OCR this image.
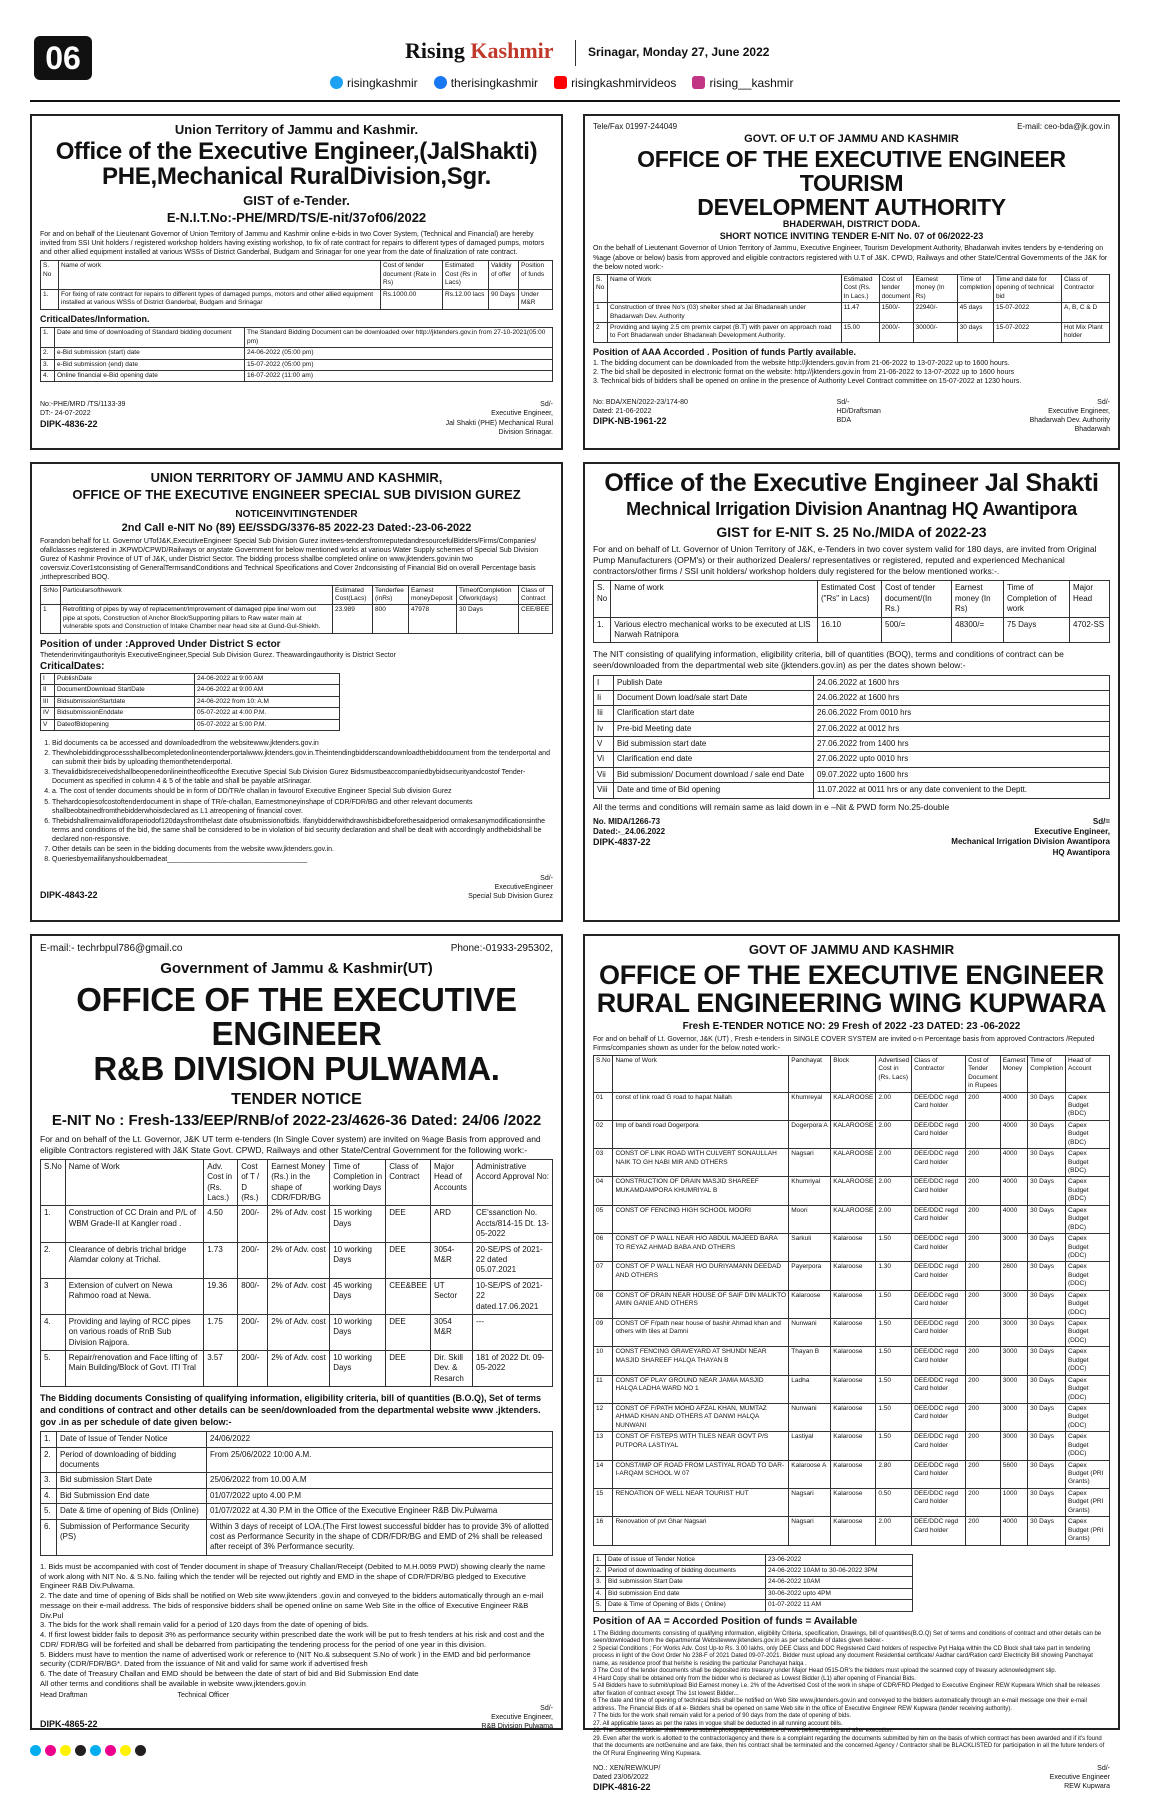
06	Rising Kashmir	Srinagar, Monday 27, June 2022
risingkashmir	therisingkashmir	risingkashmirvideos	rising__kashmir
Union Territory of Jammu and Kashmir.
Office of the Executive Engineer,(JalShakti)
PHE,Mechanical RuralDivision,Sgr.
GIST of e-Tender.
E-N.I.T.No:-PHE/MRD/TS/E-nit/37of06/2022
For and on behalf of the Lieutenant Governor of Union Territory of Jammu and Kashmir online e-bids in two Cover System, (Technical and Financial) are hereby invited from SSI Unit holders / registered workshop holders having existing workshop, to fix of rate contract for repairs to different types of damaged pumps, motors and other allied equipment installed at various WSSs of District Ganderbal, Budgam and Srinagar for one year from the date of finalization of rate contract.
S. No	Name of work	Cost of tender document (Rate in Rs)	Estimated Cost (Rs in Lacs)	Validity of offer	Position of funds
1.	For fixing of rate contract for repairs to different types of damaged pumps, motors and other allied equipment installed at various WSSs of District Ganderbal, Budgam and Srinagar	Rs.1000.00	Rs.12.00 lacs	90 Days	Under M&R
CriticalDates/Information.
1.	Date and time of downloading of Standard bidding document	The Standard Bidding Document can be downloaded over http://jktenders.gov.in from 27-10-2021(05:00 pm)
2.	e-Bid submission (start) date	24-06-2022 (05:00 pm)
3.	e-Bid submission (end) date	15-07-2022 (05:00 pm)
4.	Online financial e-Bid opening date	16-07-2022 (11:00 am)
No:-PHE/MRD /TS/1133-39
DT:- 24-07-2022
DIPK-4836-22
Sd/-
Executive Engineer,
Jal Shakti (PHE) Mechanical Rural
Division Srinagar.
Tele/Fax 01997-244049	E-mail: ceo-bda@jk.gov.in
GOVT. OF U.T OF JAMMU AND KASHMIR
OFFICE OF THE EXECUTIVE ENGINEER TOURISM
DEVELOPMENT AUTHORITY
BHADERWAH, DISTRICT DODA.
SHORT NOTICE INVITING TENDER E-NIT No. 07 of 06/2022-23
On the behalf of Lieutenant Governor of Union Territory of Jammu, Executive Engineer, Tourism Development Authority, Bhadarwah invites tenders by e-tendering on %age (above or below) basis from approved and eligible contractors registered with U.T of J&K. CPWD, Railways and other State/Central Governments of the J&K for the below noted work:-
S. No	Name of Work	Estimated Cost (Rs. In Lacs.)	Cost of tender document	Earnest money (In Rs)	Time of completion	Time and date for opening of technical bid	Class of Contractor
1	Construction of three No's (03) shelter shed at Jai Bhadarwah under Bhadarwah Dev. Authority	11.47	1500/-	22940/-	45 days	15-07-2022	A, B, C & D
2	Providing and laying 2.5 cm premix carpet (B.T) with paver on approach road to Fort Bhadarwah under Bhadarwah Development Authority.	15.00	2000/-	30000/-	30 days	15-07-2022	Hot Mix Plant holder
Position of AAA Accorded . Position of funds Partly available.
1. The bidding document can be downloaded from the website http://jktenders.gov.in from 21-06-2022 to 13-07-2022 up to 1600 hours.
2. The bid shall be deposited in electronic format on the website: http://jktenders.gov.in from 21-06-2022 to 13-07-2022 up to 1600 hours
3. Technical bids of bidders shall be opened on online in the presence of Authority Level Contract committee on 15-07-2022 at 1230 hours.
No: BDA/XEN/2022-23/174-80
Dated: 21-06-2022
DIPK-NB-1961-22
Sd/-
HD/Draftsman
BDA
Sd/-
Executive Engineer,
Bhadarwah Dev. Authority
Bhadarwah
UNION TERRITORY OF JAMMU AND KASHMIR,
OFFICE OF THE EXECUTIVE ENGINEER SPECIAL SUB DIVISION GUREZ
NOTICEINVITINGTENDER
2nd Call e-NIT No (89) EE/SSDG/3376-85 2022-23 Dated:-23-06-2022
Forandon behalf for Lt. Governor UTofJ&K,ExecutiveEngineer Special Sub Division Gurez invitees-tendersfromreputedandresourcefulBidders/Firms/Companies/ ofallclasses registered in JKPWD/CPWD/Railways or anystate Government for below mentioned works at various Water Supply schemes of Special Sub Division Gurez of Kashmir Province of UT of J&K, under District Sector. The bidding process shallbe completed online on www.jktenders.gov.inin two coversviz.Cover1stconsisting of GeneralTermsandConditions and Technical Specifications and Cover 2ndconsisting of Financial Bid on overall Percentage basis ,intheprescribed BOQ.
SrNo	Particularsofthework	Estimated Cost(Lacs)	Tenderfee (inRs)	Earnest moneyDeposit	TimeofCompletion Ofwork(days)	Class of Contract
1	Retrofitting of pipes by way of replacement/Improvement of damaged pipe line/ worn out pipe at spots, Construction of Anchor Block/Supporting pillars to Raw water main at vulnerable spots and Construction of Intake Chamber near head site at Gund-Gul-Shiekh.	23.989	800	47978	30 Days	CEE/BEE
Position of under :Approved Under District S ector
Thetenderinvitingauthorityis ExecutiveEngineer,Special Sub Division Gurez. Theawardingauthority is District Sector
CriticalDates:
I	PublishDate	24-06-2022 at 9:00 AM
II	DocumentDownload StartDate	24-06-2022 at 9:00 AM
III	BidsubmissionStartdate	24-06-2022 from 10: A.M
IV	BidsubmissionEnddate	05-07-2022 at 4:00 P.M.
V	DateofBidopening	05-07-2022 at 5:00 P.M.
1. Bid documents ca be accessed and downloadedfrom the websitewww.jktenders.gov.in
2. Thewholebiddingprocessshallbecompletedonlineontenderportalwww.jktenders.gov.in.Theintendingbidderscandownloadthebiddocument from the tenderportal and can submit their bids by uploading themonthetenderportal.
3. Thevalidbidsreceivedshallbeopenedonlineintheofficeofthe Executive Special Sub Division Gurez Bidsmustbeaccompaniedbybidsecurityandcostof Tender-Document as specified in column 4 & 5 of the table and shall be payable atSrinagar.
4. a. The cost of tender documents should be in form of DD/TR/e challan in favourof Executive Engineer Special Sub division Gurez
5. Thehardcopiesofcostoftenderdocument in shape of TR/e-challan, Earnestmoneyinshape of CDR/FDR/BG and other relevant documents shallbeobtainedfromthebidderwhoisdeclared as L1 atreopening of financial cover.
6. Thebidshallremainvalidforaperiodof120daysfromthelast date ofsubmissionofbids. Ifanybidderwithdrawshisbidbeforethesaidperiod ormakesanymodificationsinthe terms and conditions of the bid, the same shall be considered to be in violation of bid security declaration and shall be dealt with accordingly andthebidshall be declared non-responsive.
7. Other details can be seen in the bidding documents from the website www.jktenders.gov.in.
8. Queriesbyemailifanyshouldbemadeat____________________________________
DIPK-4843-22
Sd/-
ExecutiveEngineer
Special Sub Division Gurez
Office of the Executive Engineer Jal Shakti
Mechnical Irrigation Division Anantnag HQ Awantipora
GIST for E-NIT S. 25 No./MIDA of 2022-23
For and on behalf of Lt. Governor of Union Territory of J&K, e-Tenders in two cover system valid for 180 days, are invited from Original Pump Manufacturers (OPM's) or their authorized Dealers/ representatives or registered, reputed and experienced Mechanical contractors/other firms / SSI unit holders/ workshop holders duly registered for the below mentioned works:-.
S. No	Name of work	Estimated Cost ("Rs" in Lacs)	Cost of tender document/(In Rs.)	Earnest money (In Rs)	Time of Completion of work	Major Head
1.	Various electro mechanical works to be executed at LIS Narwah Ratnipora	16.10	500/=	48300/=	75 Days	4702-SS
The NIT consisting of qualifying information, eligibility criteria, bill of quantities (BOQ), terms and conditions of contract can be seen/downloaded from the departmental web site (jktenders.gov.in) as per the dates shown below:-
I	Publish Date	24.06.2022 at 1600 hrs
Ii	Document Down load/sale start Date	24.06.2022 at 1600 hrs
Iii	Clarification start date	26.06.2022 From 0010 hrs
Iv	Pre-bid Meeting date	27.06.2022 at 0012 hrs
V	Bid submission start date	27.06.2022 from 1400 hrs
Vi	Clarification end date	27.06.2022 upto 0010 hrs
Vii	Bid submission/ Document download / sale end Date	09.07.2022 upto 1600 hrs
Viii	Date and time of Bid opening	11.07.2022 at 0011 hrs or any date convenient to the Deptt.
All the terms and conditions will remain same as laid down in e –Nit & PWD form No.25-double
No. MIDA/1266-73
Dated:-_24.06.2022
DIPK-4837-22
Sd/=
Executive Engineer,
Mechanical Irrigation Division Awantipora
HQ Awantipora
E-mail:- techrbpul786@gmail.co	Phone:-01933-295302,
Government of Jammu & Kashmir(UT)
OFFICE OF THE EXECUTIVE ENGINEER
R&B DIVISION PULWAMA.
TENDER NOTICE
E-NIT No : Fresh-133/EEP/RNB/of 2022-23/4626-36 Dated: 24/06 /2022
For and on behalf of the Lt. Governor, J&K UT term e-tenders (In Single Cover system) are invited on %age Basis from approved and eligible Contractors registered with J&K State Govt. CPWD, Railways and other State/Central Government for the following work:-
S.No	Name of Work	Adv. Cost in (Rs. Lacs.)	Cost of T / D (Rs.)	Earnest Money (Rs.) in the shape of CDR/FDR/BG	Time of Completion in working Days	Class of Contract	Major Head of Accounts	Administrative Accord Approval No:
1.	Construction of CC Drain and P/L of WBM Grade-II at Kangler road .	4.50	200/-	2% of Adv. cost	15 working Days	DEE	ARD	CE'ssanction No. Accts/814-15 Dt. 13-05-2022
2.	Clearance of debris trichal bridge Alamdar colony at Trichal.	1.73	200/-	2% of Adv. cost	10 working Days	DEE	3054-M&R	20-SE/PS of 2021-22 dated 05.07.2021
3	Extension of culvert on Newa Rahmoo road at Newa.	19.36	800/-	2% of Adv. cost	45 working Days	CEE&BEE	UT Sector	10-SE/PS of 2021-22 dated.17.06.2021
4.	Providing and laying of RCC pipes on various roads of RnB Sub Division Rajpora.	1.75	200/-	2% of Adv. cost	10 working Days	DEE	3054 M&R	---
5.	Repair/renovation and Face lifting of Main Building/Block of Govt. ITI Tral	3.57	200/-	2% of Adv. cost	10 working Days	DEE	Dir. Skill Dev. & Resarch	181 of 2022 Dt. 09-05-2022
The Bidding documents Consisting of qualifying information, eligibility criteria, bill of quantities (B.O.Q), Set of terms and conditions of contract and other details can be seen/downloaded from the departmental website www .jktenders. gov .in as per schedule of date given below:-
1.	Date of Issue of Tender Notice	24/06/2022
2.	Period of downloading of bidding documents	From 25/06/2022 10:00 A.M.
3.	Bid submission Start Date	25/06/2022 from 10.00 A.M
4.	Bid Submission End date	01/07/2022 upto 4.00 P.M
5.	Date & time of opening of Bids (Online)	01/07/2022 at 4.30 P.M in the Office of the Executive Engineer R&B Div.Pulwama
6.	Submission of Performance Security (PS)	Within 3 days of receipt of LOA.(The First lowest successful bidder has to provide 3% of allotted cost as Performance Security in the shape of CDR/FDR/BG and EMD of 2% shall be released after receipt of 3% Performance security.
1. Bids must be accompanied with cost of Tender document in shape of Treasury Challan/Receipt (Debited to M.H.0059 PWD) showing clearly the name of work along with NIT No. & S.No. failing which the tender will be rejected out rightly and EMD in the shape of CDR/FDR/BG pledged to Executive Engineer R&B Div.Pulwama.
2. The date and time of opening of Bids shall be notified on Web site www.jktenders .gov.in and conveyed to the bidders automatically through an e-mail message on their e-mail address. The bids of responsive bidders shall be opened online on same Web Site in the office of Executive Engineer R&B Div.Pul
3. The bids for the work shall remain valid for a period of 120 days from the date of opening of bids.
4. If first lowest bidder fails to deposit 3% as performance security within prescribed date the work will be put to fresh tenders at his risk and cost and the CDR/ FDR/BG will be forfeited and shall be debarred from participating the tendering process for the period of one year in this division.
5. Bidders must have to mention the name of advertised work or reference to (NIT No.& subsequent S.No of work ) in the EMD and bid performance security (CDR/FDR/BG*. Dated from the issuance of Nit and valid for same work if advertised fresh
6. The date of Treasury Challan and EMD should be between the date of start of bid and Bid Submission End date
All other terms and conditions shall be available in website www.jktenders.gov.in
Head Draftman	Technical Officer
DIPK-4865-22
Sd/-
Executive Engineer,
R&B Division Pulwama
GOVT OF JAMMU AND KASHMIR
OFFICE OF THE EXECUTIVE ENGINEER
RURAL ENGINEERING WING KUPWARA
Fresh E-TENDER NOTICE NO: 29 Fresh of 2022 -23 DATED: 23 -06-2022
For and on behalf of Lt. Governor, J&K (UT) , Fresh e-tenders in SINGLE COVER SYSTEM are invited o-n Percentage basis from approved Contractors /Reputed Firms/companies shown as under for the below noted work:-
S.No	Name of Work	Panchayat	Block	Advertised Cost in (Rs. Lacs)	Class of Contractor	Cost of Tender Document in Rupees	Earnest Money	Time of Completion	Head of Account
01	const of link road G road to hapat Nallah	Khumreyal	KALAROOSE	2.00	DEE/DDC regd Card holder	200	4000	30 Days	Capex Budget (BDC)
02	Imp of bandi road Dogerpora	Dogerpora A	KALAROOSE	2.00	DEE/DDC regd Card holder	200	4000	30 Days	Capex Budget (BDC)
03	CONST OF LINK ROAD WITH CULVERT SONAULLAH NAIK TO GH NABI MIR AND OTHERS	Nagsari	KALAROOSE	2.00	DEE/DDC regd Card holder	200	4000	30 Days	Capex Budget (BDC)
04	CONSTRUCTION OF DRAIN MASJID SHAREEF MUKAMDAMPORA KHUMRIYAL B	Khumriyal	KALAROOSE	2.00	DEE/DDC regd Card holder	200	4000	30 Days	Capex Budget (BDC)
05	CONST OF FENCING HIGH SCHOOL MOORI	Moori	KALAROOSE	2.00	DEE/DDC regd Card holder	200	4000	30 Days	Capex Budget (BDC)
06	CONST OF P WALL NEAR H/O ABDUL MAJEED BARA TO REYAZ AHMAD BABA AND OTHERS	Sarkuli	Kalaroose	1.50	DEE/DDC regd Card holder	200	3000	30 Days	Capex Budget (DDC)
07	CONST OF P WALL NEAR H/O DURIYAMANN DEEDAD AND OTHERS	Payerpora	Kalaroose	1.30	DEE/DDC regd Card holder	200	2600	30 Days	Capex Budget (DDC)
08	CONST OF DRAIN NEAR HOUSE OF SAIF DIN MALIKTO AMIN GANIE AND OTHERS	Kalaroose	Kalaroose	1.50	DEE/DDC regd Card holder	200	3000	30 Days	Capex Budget (DDC)
09	CONST OF F/path near house of bashir Ahmad khan and others with tiles at Damni	Nunwani	Kalaroose	1.50	DEE/DDC regd Card holder	200	3000	30 Days	Capex Budget (DDC)
10	CONST FENCING GRAVEYARD AT SHUNDI NEAR MASJID SHAREEF HALQA THAYAN B	Thayan B	Kalaroose	1.50	DEE/DDC regd Card holder	200	3000	30 Days	Capex Budget (DDC)
11	CONST OF PLAY GROUND NEAR JAMIA MASJID HALQA LADHA WARD NO 1	Ladha	Kalaroose	1.50	DEE/DDC regd Card holder	200	3000	30 Days	Capex Budget (DDC)
12	CONST OF F/PATH MOHD AFZAL KHAN, MUMTAZ AHMAD KHAN AND OTHERS AT DANWI HALQA NUNWANI	Nunwani	Kalaroose	1.50	DEE/DDC regd Card holder	200	3000	30 Days	Capex Budget (DDC)
13	CONST OF F/STEPS WITH TILES NEAR GOVT P/S PUTPORA LASTIYAL	Lastiyal	Kalaroose	1.50	DEE/DDC regd Card holder	200	3000	30 Days	Capex Budget (DDC)
14	CONST/IMP OF ROAD FROM LASTIYAL ROAD TO DAR-I-ARQAM SCHOOL W 07	Kalaroose A	Kalaroose	2.80	DEE/DDC regd Card holder	200	5600	30 Days	Capex Budget (PRI Grants)
15	RENOATION OF WELL NEAR TOURIST HUT	Nagsari	Kalaroose	0.50	DEE/DDC regd Card holder	200	1000	30 Days	Capex Budget (PRI Grants)
16	Renovation of pvt Ghar Nagsari	Nagsari	Kalaroose	2.00	DEE/DDC regd Card holder	200	4000	30 Days	Capex Budget (PRI Grants)
1.	Date of issue of Tender Notice	23-06-2022
2.	Period of downloading of bidding documents	24-06-2022 10AM to 30-06-2022 3PM
3.	Bid submission Start Date	24-06-2022 10AM
4.	Bid submission End date	30-06-2022 upto 4PM
5.	Date & Time of Opening of Bids ( Online)	01-07-2022 11 AM
Position of AA = Accorded Position of funds = Available
1 The Bidding documents consisting of qualifying information, eligibility Criteria, specification, Drawings, bill of quantities(B.O.Q) Set of terms and conditions of contract and other details can be seen/downloaded from the departmental Websitewww.jktenders.gov.in as per schedule of dates given below:-
2 Special Conditions ; For Works Adv. Cost Up-to Rs. 3.00 lakhs, only DEE Class and DDC Registered Card holders of respective Pyt Halqa within the CD Block shall take part in tendering process in light of the Govt Order No 238-F of 2021 Dated 09-07-2021. Bidder must upload any document Residential certificate/ Aadhar card/Ration card/ Electricity Bill showing Panchayat name, as residence proof that he/she is residing the particular Panchayat halqa .
3 The Cost of the tender documents shall be deposited into treasury under Major Head 0515-DR's the bidders must upload the scanned copy of treasury acknowledgment slip.
4 Hard Copy shall be obtained only from the bidder who is declared as Lowest Bidder (L1) after opening of Financial Bids.
5 All Bidders have to submit/upload Bid Earnest money i.e. 2% of the Advertised Cost of the work in shape of CDR/FRD Pledged to Executive Engineer REW Kupwara Which shall be releases after fixation of contract except The 1st lowest Bidder...
6 The date and time of opening of technical bids shall be notified on Web Site www.jktenders.gov.in and conveyed to the bidders automatically through an e-mail message one their e-mail address. The Financial Bids of all e- Bidders shall be opened on same Web site in the office of Executive Engineer REW Kupwara (tender receiving authority).
7 The bids for the work shall remain valid for a period of 90 days from the date of opening of bids.
27. All applicable taxes as per the rates in vogue shall be deducted in all running account bills.
28. The Successful bidder shall have to submit photographic evidence of work before, during and after execution.
29. Even after the work is allotted to the contractor/agency and there is a complaint regarding the documents submitted by him on the basis of which contract has been awarded and if it's found that the documents are notGenuine and are fake, then his contract shall be terminated and the concerned Agency / Contractor shall be BLACKLISTED for participation in all the future tenders of the Of Rural Engineering Wing Kupwara.
NO.: XEN/REW/KUP/
Dated 23/06/2022
DIPK-4816-22
Sd/-
Executive Engineer
REW Kupwara
